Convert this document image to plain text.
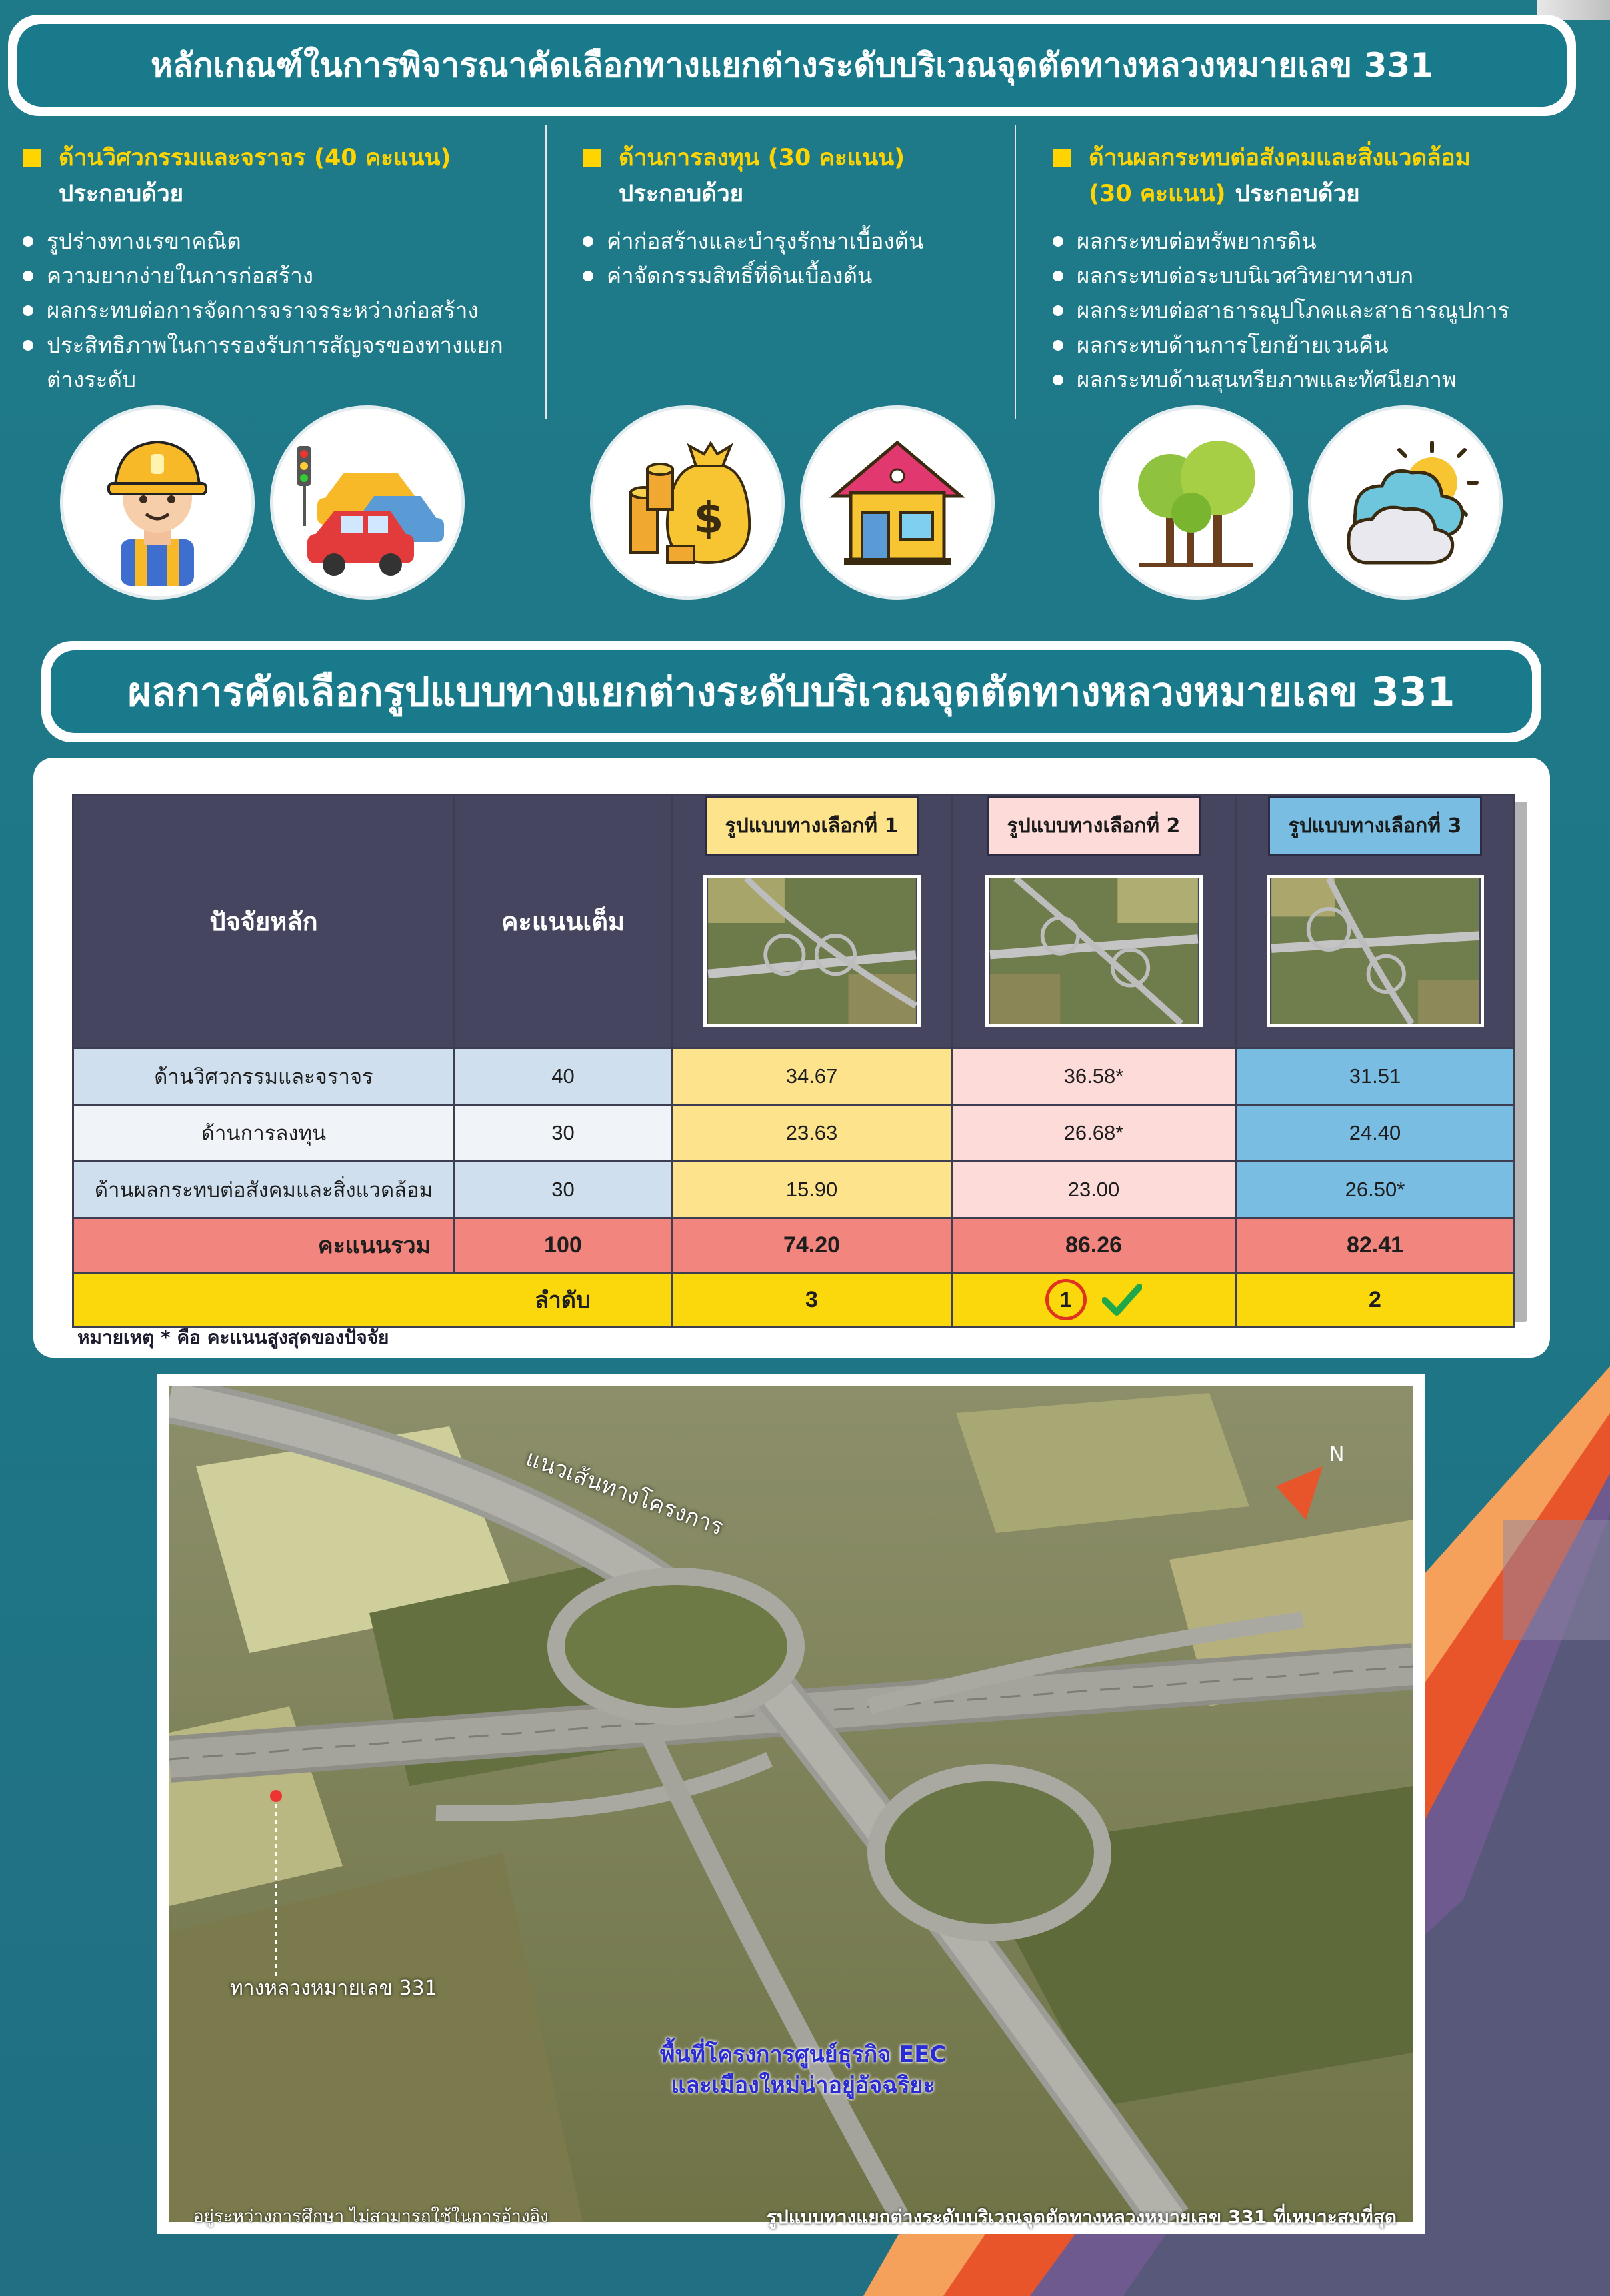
หลักเกณฑ์ในการพิจารณาคัดเลือกทางแยกต่างระดับบริเวณจุดตัดทางหลวงหมายเลข 331
ด้านวิศวกรรมและจราจร (40 คะแนน)
ประกอบด้วย
รูปร่างทางเรขาคณิต
ความยากง่ายในการก่อสร้าง
ผลกระทบต่อการจัดการจราจรระหว่างก่อสร้าง
ประสิทธิภาพในการรองรับการสัญจรของทางแยก ต่างระดับ
ด้านการลงทุน (30 คะแนน)
ประกอบด้วย
ค่าก่อสร้างและบำรุงรักษาเบื้องต้น
ค่าจัดกรรมสิทธิ์ที่ดินเบื้องต้น
ด้านผลกระทบต่อสังคมและสิ่งแวดล้อม
(30 คะแนน) ประกอบด้วย
ผลกระทบต่อทรัพยากรดิน
ผลกระทบต่อระบบนิเวศวิทยาทางบก
ผลกระทบต่อสาธารณูปโภคและสาธารณูปการ
ผลกระทบด้านการโยกย้ายเวนคืน
ผลกระทบด้านสุนทรียภาพและทัศนียภาพ
$
ผลการคัดเลือกรูปแบบทางแยกต่างระดับบริเวณจุดตัดทางหลวงหมายเลข 331
ปัจจัยหลัก	คะแนนเต็ม	รูปแบบทางเลือกที่ 1	รูปแบบทางเลือกที่ 2	รูปแบบทางเลือกที่ 3

ด้านวิศวกรรมและจราจร	40	34.67	36.58*	31.51
ด้านการลงทุน	30	23.63	26.68*	24.40
ด้านผลกระทบต่อสังคมและสิ่งแวดล้อม	30	15.90	23.00	26.50*
คะแนนรวม	100	74.20	86.26	82.41
	ลำดับ	3	1	2
หมายเหตุ * คือ คะแนนสูงสุดของปัจจัย
N
แนวเส้นทางโครงการ
ทางหลวงหมายเลข 331
พื้นที่โครงการศูนย์ธุรกิจ EEC
และเมืองใหม่น่าอยู่อัจฉริยะ
อยู่ระหว่างการศึกษา ไม่สามารถใช้ในการอ้างอิง	รูปแบบทางแยกต่างระดับบริเวณจุดตัดทางหลวงหมายเลข 331 ที่เหมาะสมที่สุด
